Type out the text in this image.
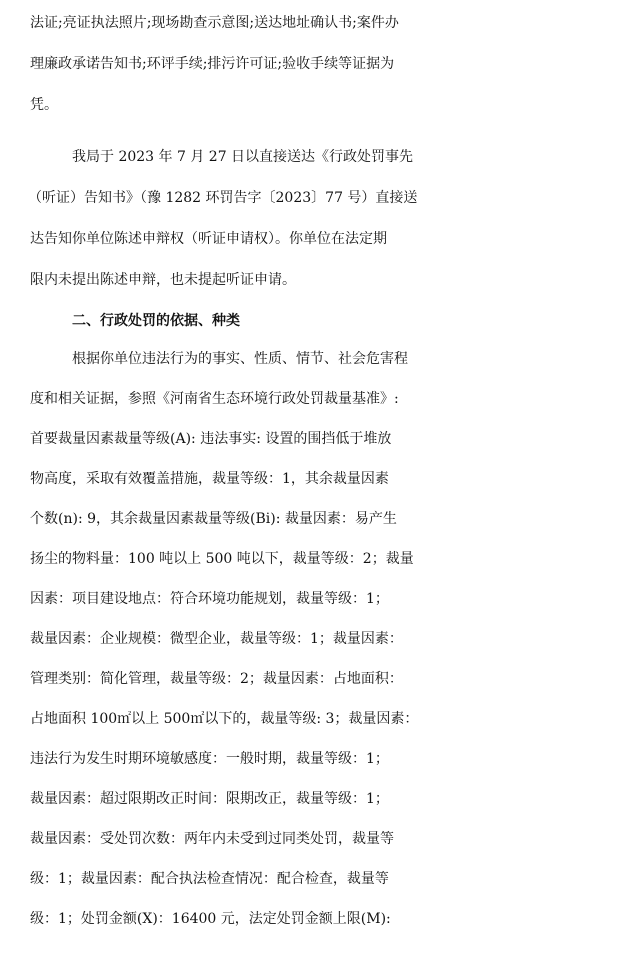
法证;亮证执法照片;现场勘查示意图;送达地址确认书;案件办
理廉政承诺告知书;环评手续;排污许可证;验收手续等证据为
凭。
我局于 2023 年 7 月 27 日以直接送达《行政处罚事先
（听证）告知书》（豫 1282 环罚告字〔2023〕77 号）直接送
达告知你单位陈述申辩权（听证申请权）。你单位在法定期
限内未提出陈述申辩，也未提起听证申请。
二、行政处罚的依据、种类
根据你单位违法行为的事实、性质、情节、社会危害程
度和相关证据，参照《河南省生态环境行政处罚裁量基准》:
首要裁量因素裁量等级(A): 违法事实: 设置的围挡低于堆放
物高度，采取有效覆盖措施，裁量等级：1，其余裁量因素
个数(n): 9，其余裁量因素裁量等级(Bi): 裁量因素：易产生
扬尘的物料量：100 吨以上 500 吨以下，裁量等级：2；裁量
因素：项目建设地点：符合环境功能规划，裁量等级：1；
裁量因素：企业规模：微型企业，裁量等级：1；裁量因素：
管理类别：简化管理，裁量等级：2；裁量因素：占地面积：
占地面积 100㎡以上 500㎡以下的，裁量等级: 3；裁量因素：
违法行为发生时期环境敏感度：一般时期，裁量等级：1；
裁量因素：超过限期改正时间：限期改正，裁量等级：1；
裁量因素：受处罚次数：两年内未受到过同类处罚，裁量等
级：1；裁量因素：配合执法检查情况：配合检查，裁量等
级：1；处罚金额(X)：16400 元，法定处罚金额上限(M):
